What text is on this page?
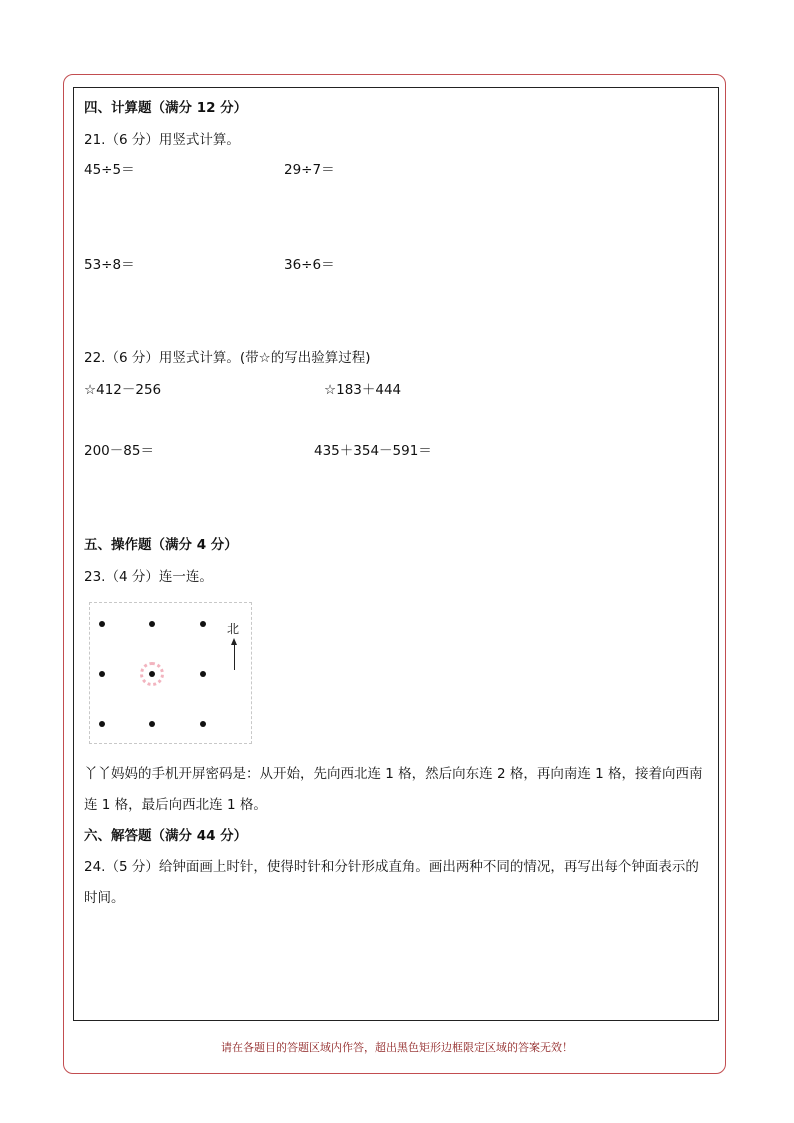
四、计算题（满分 12 分）
21.（6 分）用竖式计算。
45÷5＝	29÷7＝
53÷8＝	36÷6＝
22.（6 分）用竖式计算。(带☆的写出验算过程)
☆412－256	☆183＋444
200－85＝	435＋354－591＝
五、操作题（满分 4 分）
23.（4 分）连一连。
北
丫丫妈妈的手机开屏密码是：从开始，先向西北连 1 格，然后向东连 2 格，再向南连 1 格，接着向西南连 1 格，最后向西北连 1 格。
六、解答题（满分 44 分）
24.（5 分）给钟面画上时针，使得时针和分针形成直角。画出两种不同的情况，再写出每个钟面表示的时间。
请在各题目的答题区域内作答，超出黑色矩形边框限定区域的答案无效！
